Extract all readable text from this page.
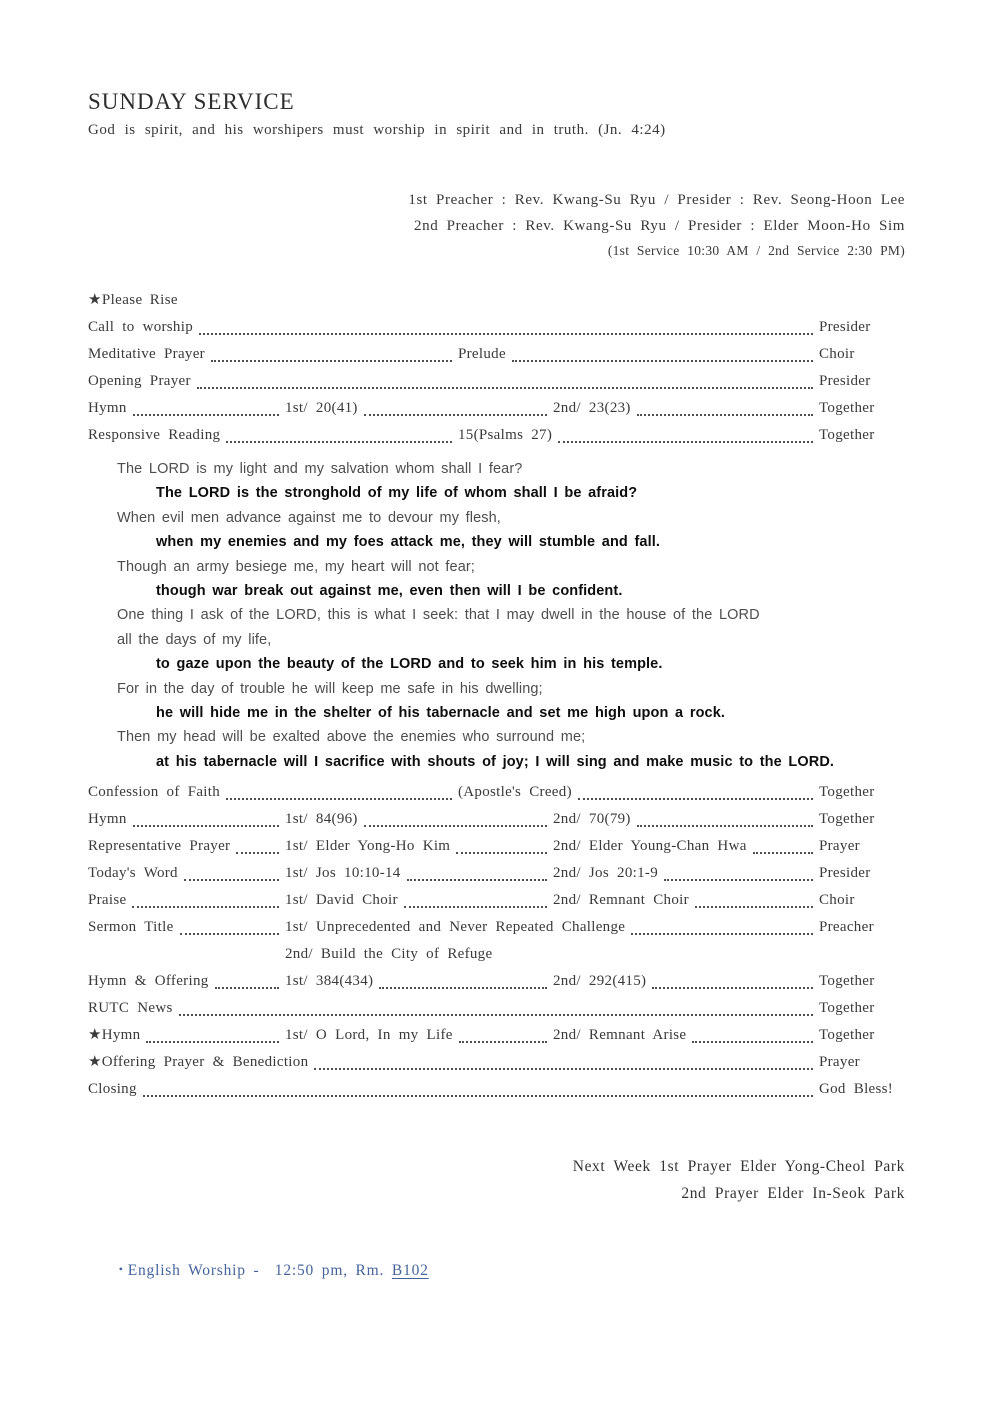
SUNDAY SERVICE

God is spirit, and his worshipers must worship in spirit and in truth. (Jn. 4:24)

1st Preacher : Rev. Kwang-Su Ryu / Presider : Rev. Seong-Hoon Lee
2nd Preacher : Rev. Kwang-Su Ryu / Presider : Elder Moon-Ho Sim
(1st Service 10:30 AM / 2nd Service 2:30 PM)
★Please Rise
Call to worship	Presider
Meditative Prayer	Prelude	Choir
Opening Prayer	Presider
Hymn	1st/ 20(41)	2nd/ 23(23)	Together
Responsive Reading	15(Psalms 27)	Together
The LORD is my light and my salvation whom shall I fear?
The LORD is the stronghold of my life of whom shall I be afraid?
When evil men advance against me to devour my flesh,
when my enemies and my foes attack me, they will stumble and fall.
Though an army besiege me, my heart will not fear;
though war break out against me, even then will I be confident.
One thing I ask of the LORD, this is what I seek: that I may dwell in the house of the LORD
all the days of my life,
to gaze upon the beauty of the LORD and to seek him in his temple.
For in the day of trouble he will keep me safe in his dwelling;
he will hide me in the shelter of his tabernacle and set me high upon a rock.
Then my head will be exalted above the enemies who surround me;
at his tabernacle will I sacrifice with shouts of joy; I will sing and make music to the LORD.
Confession of Faith	(Apostle's Creed)	Together
Hymn	1st/ 84(96)	2nd/ 70(79)	Together
Representative Prayer	1st/ Elder Yong-Ho Kim	2nd/ Elder Young-Chan Hwa	Prayer
Today's Word	1st/ Jos 10:10-14	2nd/ Jos 20:1-9	Presider
Praise	1st/ David Choir	2nd/ Remnant Choir	Choir
Sermon Title	1st/ Unprecedented and Never Repeated Challenge	Preacher
2nd/ Build the City of Refuge
Hymn & Offering	1st/ 384(434)	2nd/ 292(415)	Together
RUTC News	Together
★Hymn	1st/ O Lord, In my Life	2nd/ Remnant Arise	Together
★Offering Prayer & Benediction	Prayer
Closing	God Bless!
Next Week 1st Prayer Elder Yong-Cheol Park
2nd Prayer Elder In-Seok Park

• English Worship -  12:50 pm, Rm. B102
